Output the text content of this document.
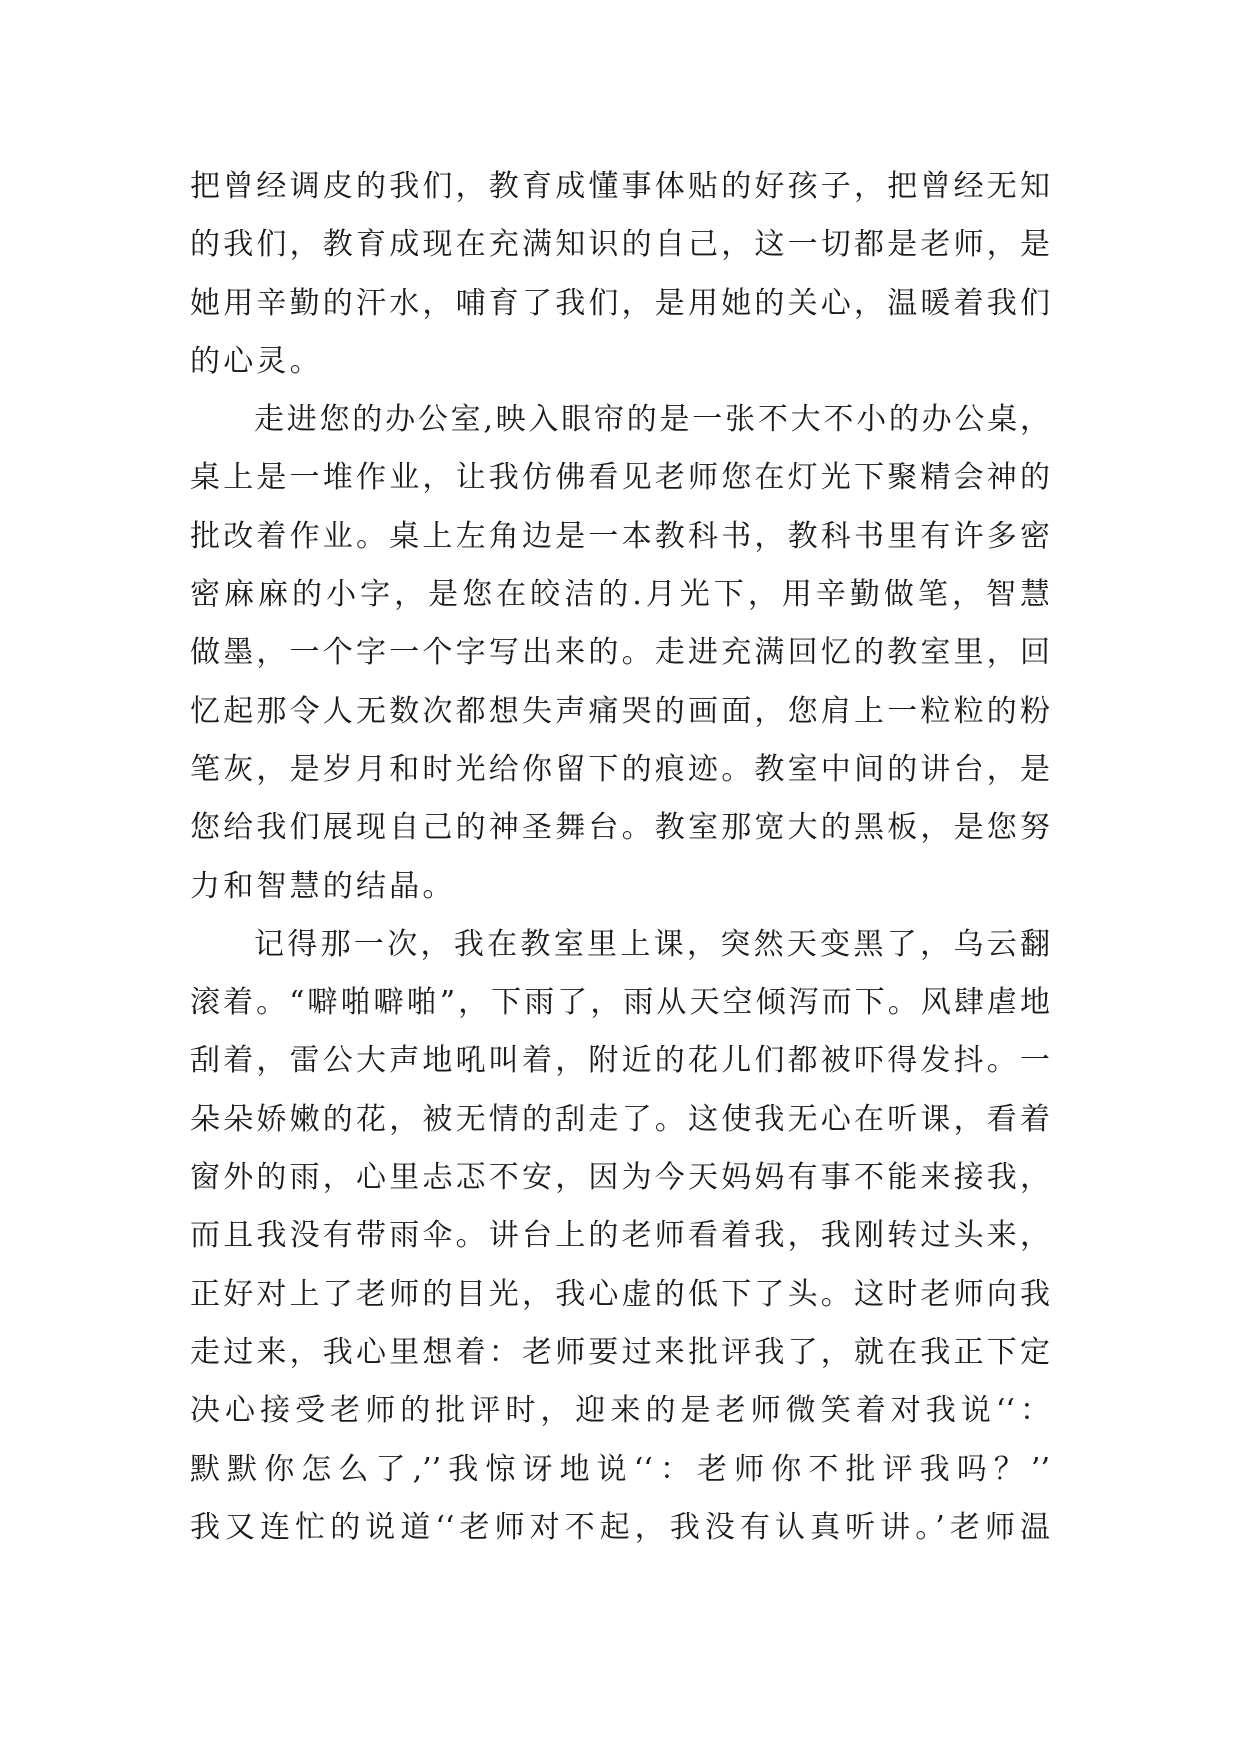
把曾经调皮的我们，教育成懂事体贴的好孩子，把曾经无知
的我们，教育成现在充满知识的自己，这一切都是老师，是
她用辛勤的汗水，哺育了我们，是用她的关心，温暖着我们
的心灵。
走进您的办公室,映入眼帘的是一张不大不小的办公桌，
桌上是一堆作业，让我仿佛看见老师您在灯光下聚精会神的
批改着作业。桌上左角边是一本教科书，教科书里有许多密
密麻麻的小字，是您在皎洁的.月光下，用辛勤做笔，智慧
做墨，一个字一个字写出来的。走进充满回忆的教室里，回
忆起那令人无数次都想失声痛哭的画面，您肩上一粒粒的粉
笔灰，是岁月和时光给你留下的痕迹。教室中间的讲台，是
您给我们展现自己的神圣舞台。教室那宽大的黑板，是您努
力和智慧的结晶。
记得那一次，我在教室里上课，突然天变黑了，乌云翻
滚着。“噼啪噼啪”，下雨了，雨从天空倾泻而下。风肆虐地
刮着，雷公大声地吼叫着，附近的花儿们都被吓得发抖。一
朵朵娇嫩的花，被无情的刮走了。这使我无心在听课，看着
窗外的雨，心里忐忑不安，因为今天妈妈有事不能来接我，
而且我没有带雨伞。讲台上的老师看着我，我刚转过头来，
正好对上了老师的目光，我心虚的低下了头。这时老师向我
走过来，我心里想着：老师要过来批评我了，就在我正下定
决心接受老师的批评时，迎来的是老师微笑着对我说‘‘：
默默你怎么了,’’我惊讶地说‘‘：老师你不批评我吗？’’
我又连忙的说道‘‘老师对不起，我没有认真听讲。’老师温
